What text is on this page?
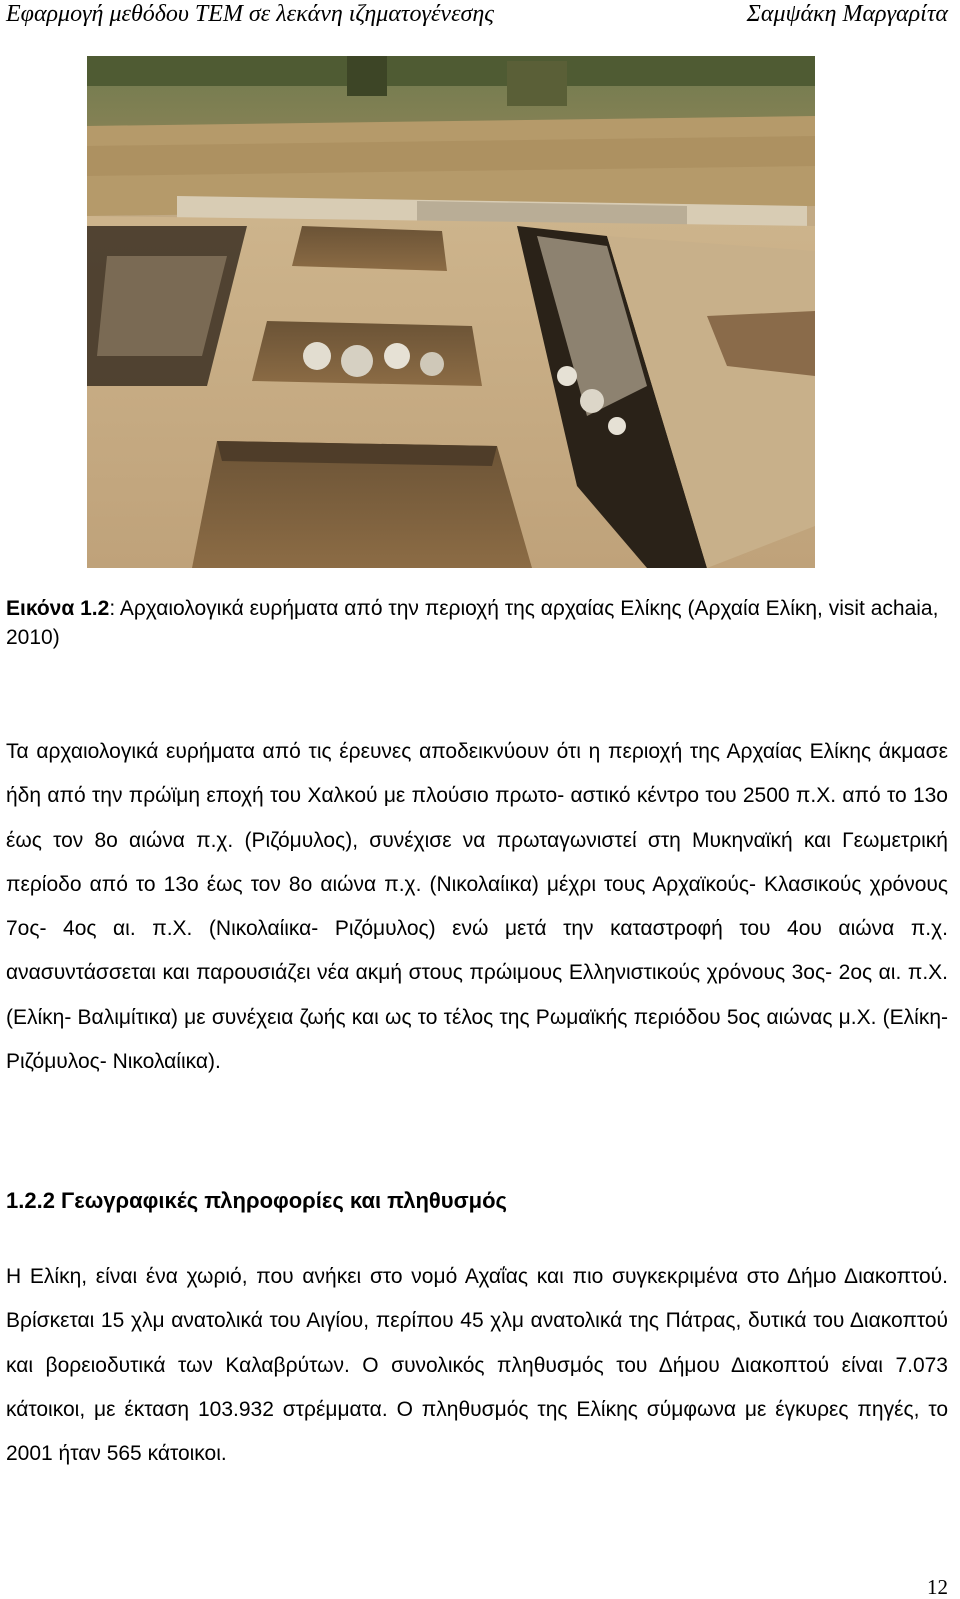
Εφαρμογή μεθόδου ΤΕΜ σε λεκάνη ιζηματογένεσης	Σαμψάκη Μαργαρίτα
Εικόνα 1.2: Αρχαιολογικά ευρήματα από την περιοχή της αρχαίας Ελίκης (Αρχαία Ελίκη, visit achaia, 2010)
Τα αρχαιολογικά ευρήματα από τις έρευνες αποδεικνύουν ότι η περιοχή της Αρχαίας Ελίκης άκμασε ήδη από την πρώϊμη εποχή του Χαλκού με πλούσιο πρωτο- αστικό κέντρο του 2500 π.Χ. από το 13ο έως τον 8ο αιώνα π.χ. (Ριζόμυλος), συνέχισε να πρωταγωνιστεί στη Μυκηναϊκή και Γεωμετρική περίοδο από το 13ο έως τον 8ο αιώνα π.χ. (Νικολαίικα) μέχρι τους Αρχαϊκούς- Κλασικούς χρόνους 7ος- 4ος αι. π.Χ. (Νικολαίικα- Ριζόμυλος) ενώ μετά την καταστροφή του 4ου αιώνα π.χ. ανασυντάσσεται και παρουσιάζει νέα ακμή στους πρώιμους Ελληνιστικούς χρόνους 3ος- 2ος αι. π.Χ. (Ελίκη- Βαλιμίτικα) με συνέχεια ζωής και ως το τέλος της Ρωμαϊκής περιόδου 5ος αιώνας μ.Χ. (Ελίκη- Ριζόμυλος- Νικολαίικα).
1.2.2 Γεωγραφικές πληροφορίες και πληθυσμός
Η Ελίκη, είναι ένα χωριό, που ανήκει στο νομό Αχαΐας και πιο συγκεκριμένα στο Δήμο Διακοπτού. Βρίσκεται 15 χλμ ανατολικά του Αιγίου, περίπου 45 χλμ ανατολικά της Πάτρας, δυτικά του Διακοπτού και βορειοδυτικά των Καλαβρύτων. Ο συνολικός πληθυσμός του Δήμου Διακοπτού είναι 7.073 κάτοικοι, με έκταση 103.932 στρέμματα. Ο πληθυσμός της Ελίκης σύμφωνα με έγκυρες πηγές, το 2001 ήταν 565 κάτοικοι.
12
